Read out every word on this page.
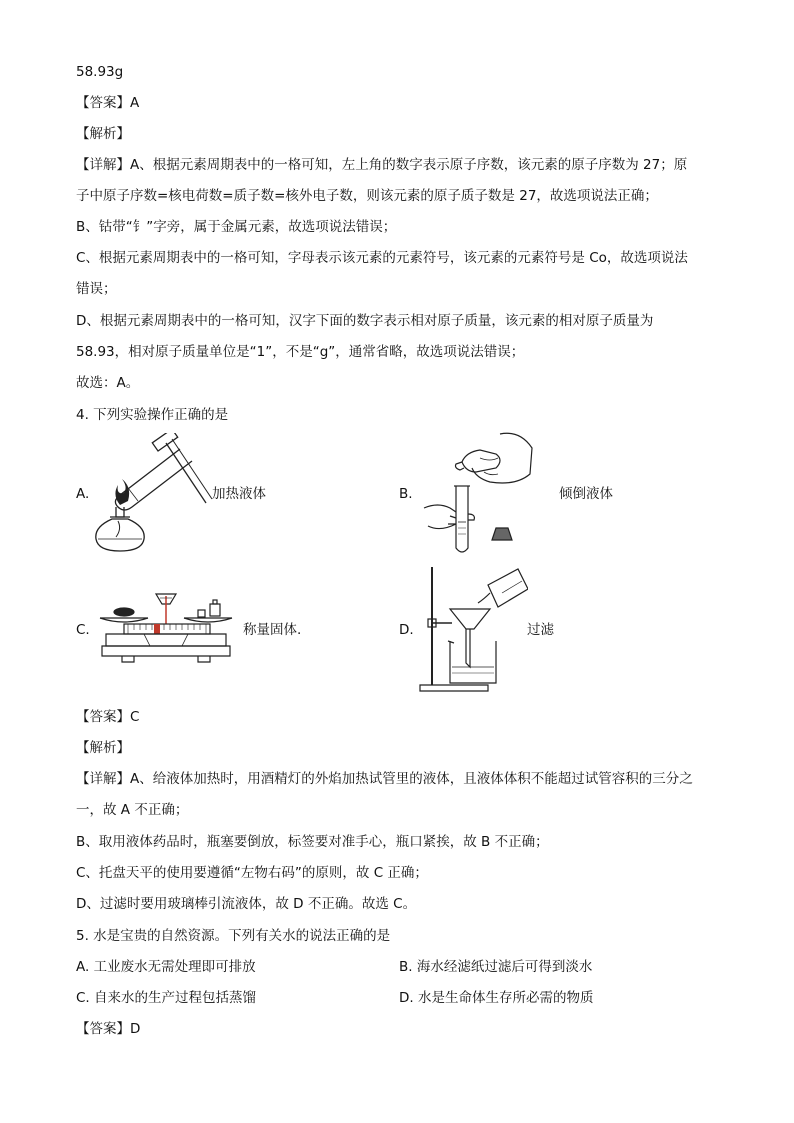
58.93g
【答案】A
【解析】
【详解】A、根据元素周期表中的一格可知，左上角的数字表示原子序数，该元素的原子序数为 27；原
子中原子序数=核电荷数=质子数=核外电子数，则该元素的原子质子数是 27，故选项说法正确；
B、钴带“钅”字旁，属于金属元素，故选项说法错误；
C、根据元素周期表中的一格可知，字母表示该元素的元素符号，该元素的元素符号是 Co，故选项说法
错误；
D、根据元素周期表中的一格可知，汉字下面的数字表示相对原子质量，该元素的相对原子质量为
58.93，相对原子质量单位是“1”，不是“g”，通常省略，故选项说法错误；
故选：A。
4. 下列实验操作正确的是
A.	B.
C.	D.
加热液体	倾倒液体
称量固体.	过滤
【答案】C
【解析】
【详解】A、给液体加热时，用酒精灯的外焰加热试管里的液体，且液体体积不能超过试管容积的三分之
一，故 A 不正确；
B、取用液体药品时，瓶塞要倒放，标签要对准手心，瓶口紧挨，故 B 不正确；
C、托盘天平的使用要遵循“左物右码”的原则，故 C 正确；
D、过滤时要用玻璃棒引流液体，故 D 不正确。故选 C。
5. 水是宝贵的自然资源。下列有关水的说法正确的是
A. 工业废水无需处理即可排放	B. 海水经滤纸过滤后可得到淡水
C. 自来水的生产过程包括蒸馏	D. 水是生命体生存所必需的物质
【答案】D
